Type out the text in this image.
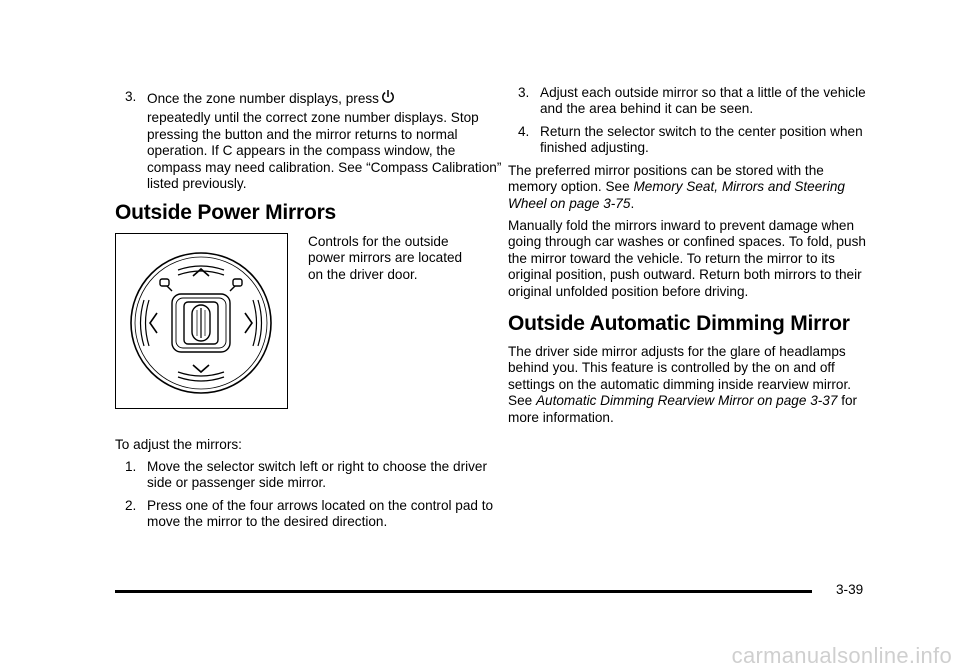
3. Once the zone number displays, press
repeatedly until the correct zone number displays. Stop pressing the button and the mirror returns to normal operation. If C appears in the compass window, the compass may need calibration. See “Compass Calibration” listed previously.
Outside Power Mirrors
Controls for the outside power mirrors are located on the driver door.
To adjust the mirrors:
1. Move the selector switch left or right to choose the driver side or passenger side mirror.
2. Press one of the four arrows located on the control pad to move the mirror to the desired direction.
3. Adjust each outside mirror so that a little of the vehicle and the area behind it can be seen.
4. Return the selector switch to the center position when finished adjusting.
The preferred mirror positions can be stored with the memory option. See Memory Seat, Mirrors and Steering Wheel on page 3-75.
Manually fold the mirrors inward to prevent damage when going through car washes or confined spaces. To fold, push the mirror toward the vehicle. To return the mirror to its original position, push outward. Return both mirrors to their original unfolded position before driving.
Outside Automatic Dimming Mirror
The driver side mirror adjusts for the glare of headlamps behind you. This feature is controlled by the on and off settings on the automatic dimming inside rearview mirror. See Automatic Dimming Rearview Mirror on page 3-37 for more information.
3-39
carmanualsonline.info
